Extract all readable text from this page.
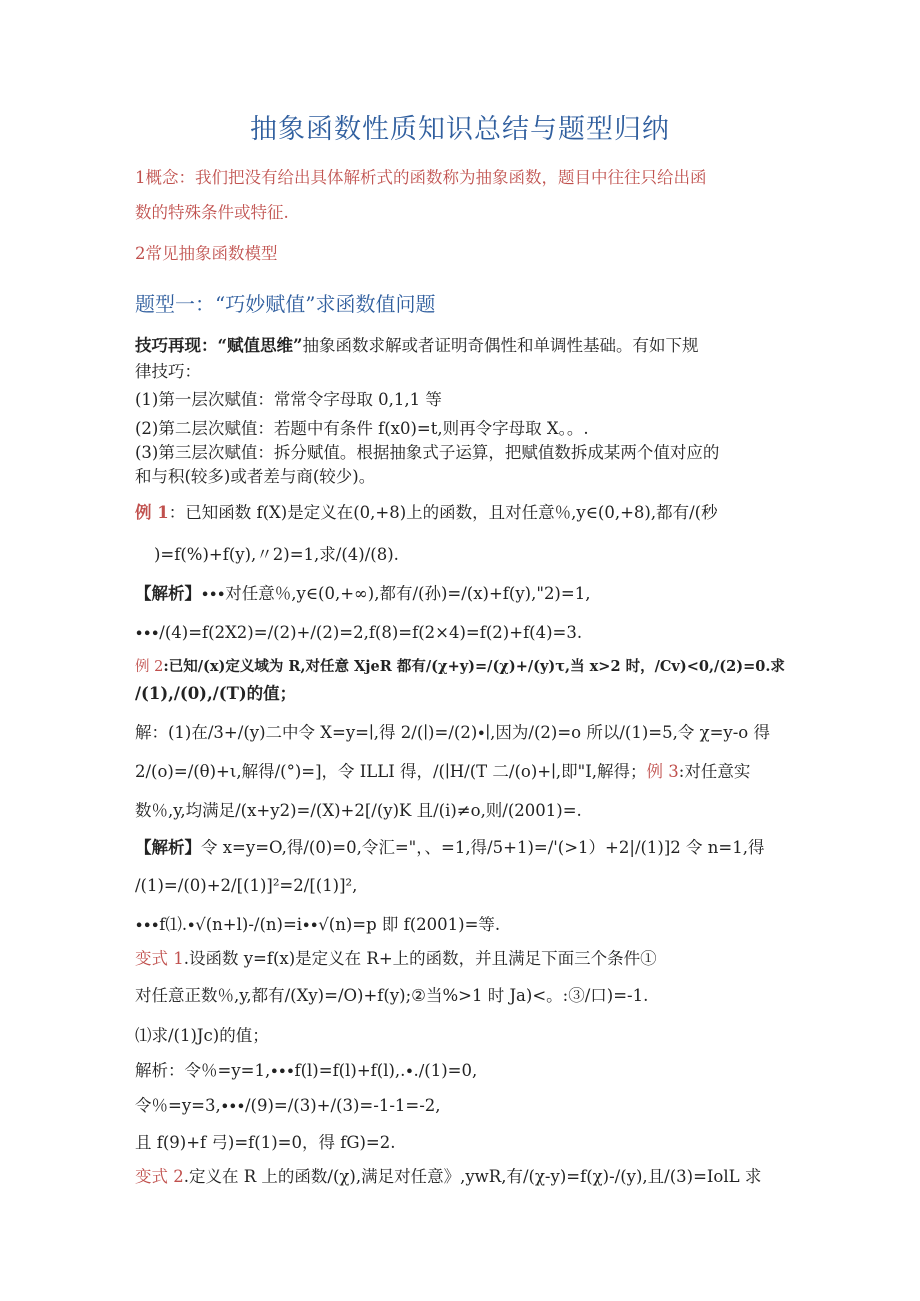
抽象函数性质知识总结与题型归纳
1概念：我们把没有给出具体解析式的函数称为抽象函数，题目中往往只给出函
数的特殊条件或特征.
2常见抽象函数模型
题型一：“巧妙赋值”求函数值问题
技巧再现：“赋值思维”抽象函数求解或者证明奇偶性和单调性基础。有如下规
律技巧：
(1)第一层次赋值：常常令字母取 0,1,1 等
(2)第二层次赋值：若题中有条件 f(x0)=t,则再令字母取 X。。.
(3)第三层次赋值：拆分赋值。根据抽象式子运算，把赋值数拆成某两个值对应的
和与积(较多)或者差与商(较少)。
例 1：已知函数 f(X)是定义在(0,+8)上的函数，且对任意％,y∈(0,+8),都有/(秒
)=f(%)+f(y),〃2)=1,求/(4)/(8).
【解析】∙∙∙对任意％,y∈(0,+∞),都有/(孙)=/(x)+f(y),"2)=1,
∙∙∙/(4)=f(2X2)=/(2)+/(2)=2,f(8)=f(2×4)=f(2)+f(4)=3.
例 2:已知/(x)定义域为 R,对任意 XjeR 都有/(χ+y)=/(χ)+/(y)τ,当 x>2 时，/Cv)<0,/(2)=0.求
/(1),/(0),/(T)的值；
解：(1)在/3+/(y)二中令 X=y=∣,得 2/(∣)=/(2)∙∣,因为/(2)=o 所以/(1)=5,令 χ=y-o 得
2/(o)=/(θ)+ι,解得/(°)=]，令 ILLI 得，/(∣H/(T 二/(o)+∣,即"I,解得；例 3:对任意实
数％,y,均满足/(x+y2)=/(X)+2[/(y)K 且/(i)≠o,则/(2001)=.
【解析】令 x=y=O,得/(0)=0,令汇="，、=1,得/5+1)=/'(>1）+2|/(1)]2 令 n=1,得
/(1)=/(0)+2/[(1)]²=2/[(1)]²,
∙∙∙f⑴.∙√(n+l)-/(n)=i∙∙√(n)=p 即 f(2001)=等.
变式 1.设函数 y=f(x)是定义在 R+上的函数，并且满足下面三个条件①
对任意正数％,y,都有/(Xy)=/O)+f(y);②当%>1 时 Ja)<。:③/口)=-1.
⑴求/(1)Jc)的值；
解析：令％=y=1,∙∙∙f(l)=f(l)+f(l),.∙.∕(1)=0,
令％=y=3,∙∙∙/(9)=/(3)+/(3)=-1-1=-2,
且 f(9)+f 弓)=f(1)=0，得 fG)=2.
变式 2.定义在 R 上的函数/(χ),满足对任意》,ywR,有/(χ-y)=f(χ)-/(y),且/(3)=IolL 求
